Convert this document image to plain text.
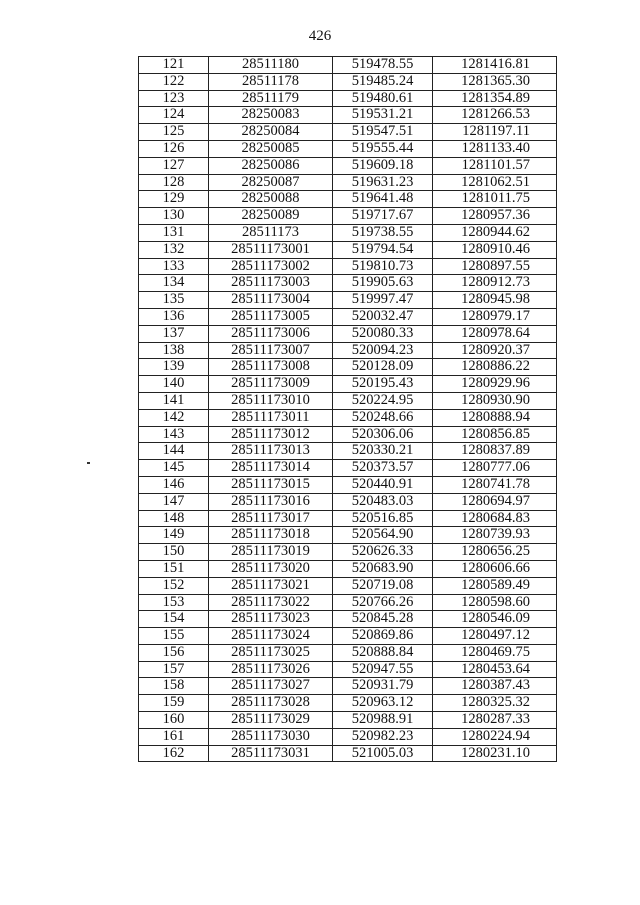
426
121	28511180	519478.55	1281416.81
122	28511178	519485.24	1281365.30
123	28511179	519480.61	1281354.89
124	28250083	519531.21	1281266.53
125	28250084	519547.51	1281197.11
126	28250085	519555.44	1281133.40
127	28250086	519609.18	1281101.57
128	28250087	519631.23	1281062.51
129	28250088	519641.48	1281011.75
130	28250089	519717.67	1280957.36
131	28511173	519738.55	1280944.62
132	28511173001	519794.54	1280910.46
133	28511173002	519810.73	1280897.55
134	28511173003	519905.63	1280912.73
135	28511173004	519997.47	1280945.98
136	28511173005	520032.47	1280979.17
137	28511173006	520080.33	1280978.64
138	28511173007	520094.23	1280920.37
139	28511173008	520128.09	1280886.22
140	28511173009	520195.43	1280929.96
141	28511173010	520224.95	1280930.90
142	28511173011	520248.66	1280888.94
143	28511173012	520306.06	1280856.85
144	28511173013	520330.21	1280837.89
145	28511173014	520373.57	1280777.06
146	28511173015	520440.91	1280741.78
147	28511173016	520483.03	1280694.97
148	28511173017	520516.85	1280684.83
149	28511173018	520564.90	1280739.93
150	28511173019	520626.33	1280656.25
151	28511173020	520683.90	1280606.66
152	28511173021	520719.08	1280589.49
153	28511173022	520766.26	1280598.60
154	28511173023	520845.28	1280546.09
155	28511173024	520869.86	1280497.12
156	28511173025	520888.84	1280469.75
157	28511173026	520947.55	1280453.64
158	28511173027	520931.79	1280387.43
159	28511173028	520963.12	1280325.32
160	28511173029	520988.91	1280287.33
161	28511173030	520982.23	1280224.94
162	28511173031	521005.03	1280231.10
